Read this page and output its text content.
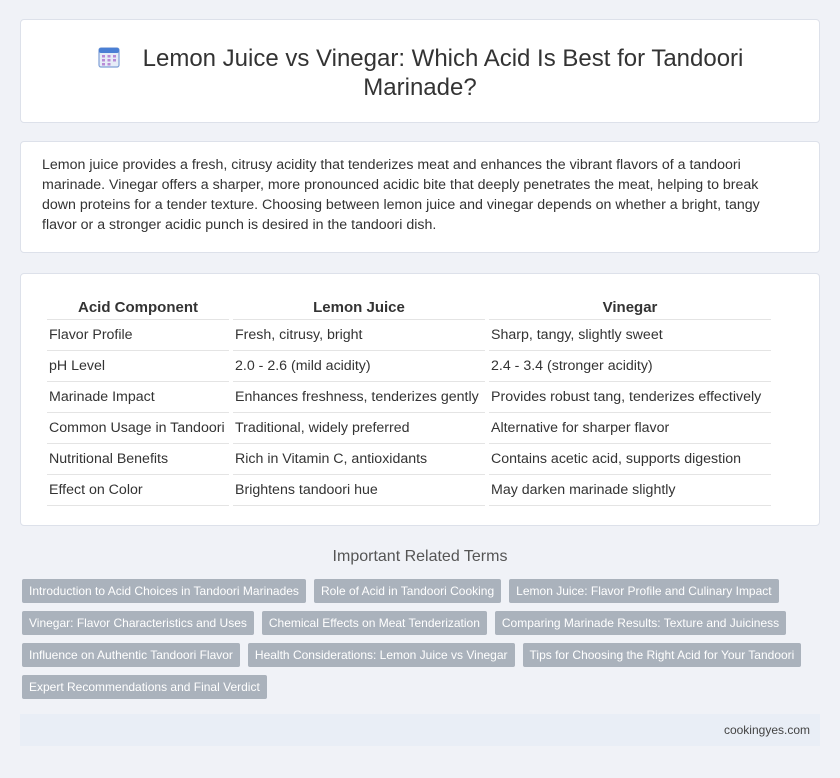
Lemon Juice vs Vinegar: Which Acid Is Best for Tandoori Marinade?

Lemon juice provides a fresh, citrusy acidity that tenderizes meat and enhances the vibrant flavors of a tandoori marinade. Vinegar offers a sharper, more pronounced acidic bite that deeply penetrates the meat, helping to break down proteins for a tender texture. Choosing between lemon juice and vinegar depends on whether a bright, tangy flavor or a stronger acidic punch is desired in the tandoori dish.

Acid Component	Lemon Juice	Vinegar
Flavor Profile	Fresh, citrusy, bright	Sharp, tangy, slightly sweet
pH Level	2.0 - 2.6 (mild acidity)	2.4 - 3.4 (stronger acidity)
Marinade Impact	Enhances freshness, tenderizes gently	Provides robust tang, tenderizes effectively
Common Usage in Tandoori	Traditional, widely preferred	Alternative for sharper flavor
Nutritional Benefits	Rich in Vitamin C, antioxidants	Contains acetic acid, supports digestion
Effect on Color	Brightens tandoori hue	May darken marinade slightly
Important Related Terms
Introduction to Acid Choices in Tandoori Marinades	Role of Acid in Tandoori Cooking	Lemon Juice: Flavor Profile and Culinary Impact
Vinegar: Flavor Characteristics and Uses	Chemical Effects on Meat Tenderization	Comparing Marinade Results: Texture and Juiciness
Influence on Authentic Tandoori Flavor	Health Considerations: Lemon Juice vs Vinegar	Tips for Choosing the Right Acid for Your Tandoori
Expert Recommendations and Final Verdict
cookingyes.com
